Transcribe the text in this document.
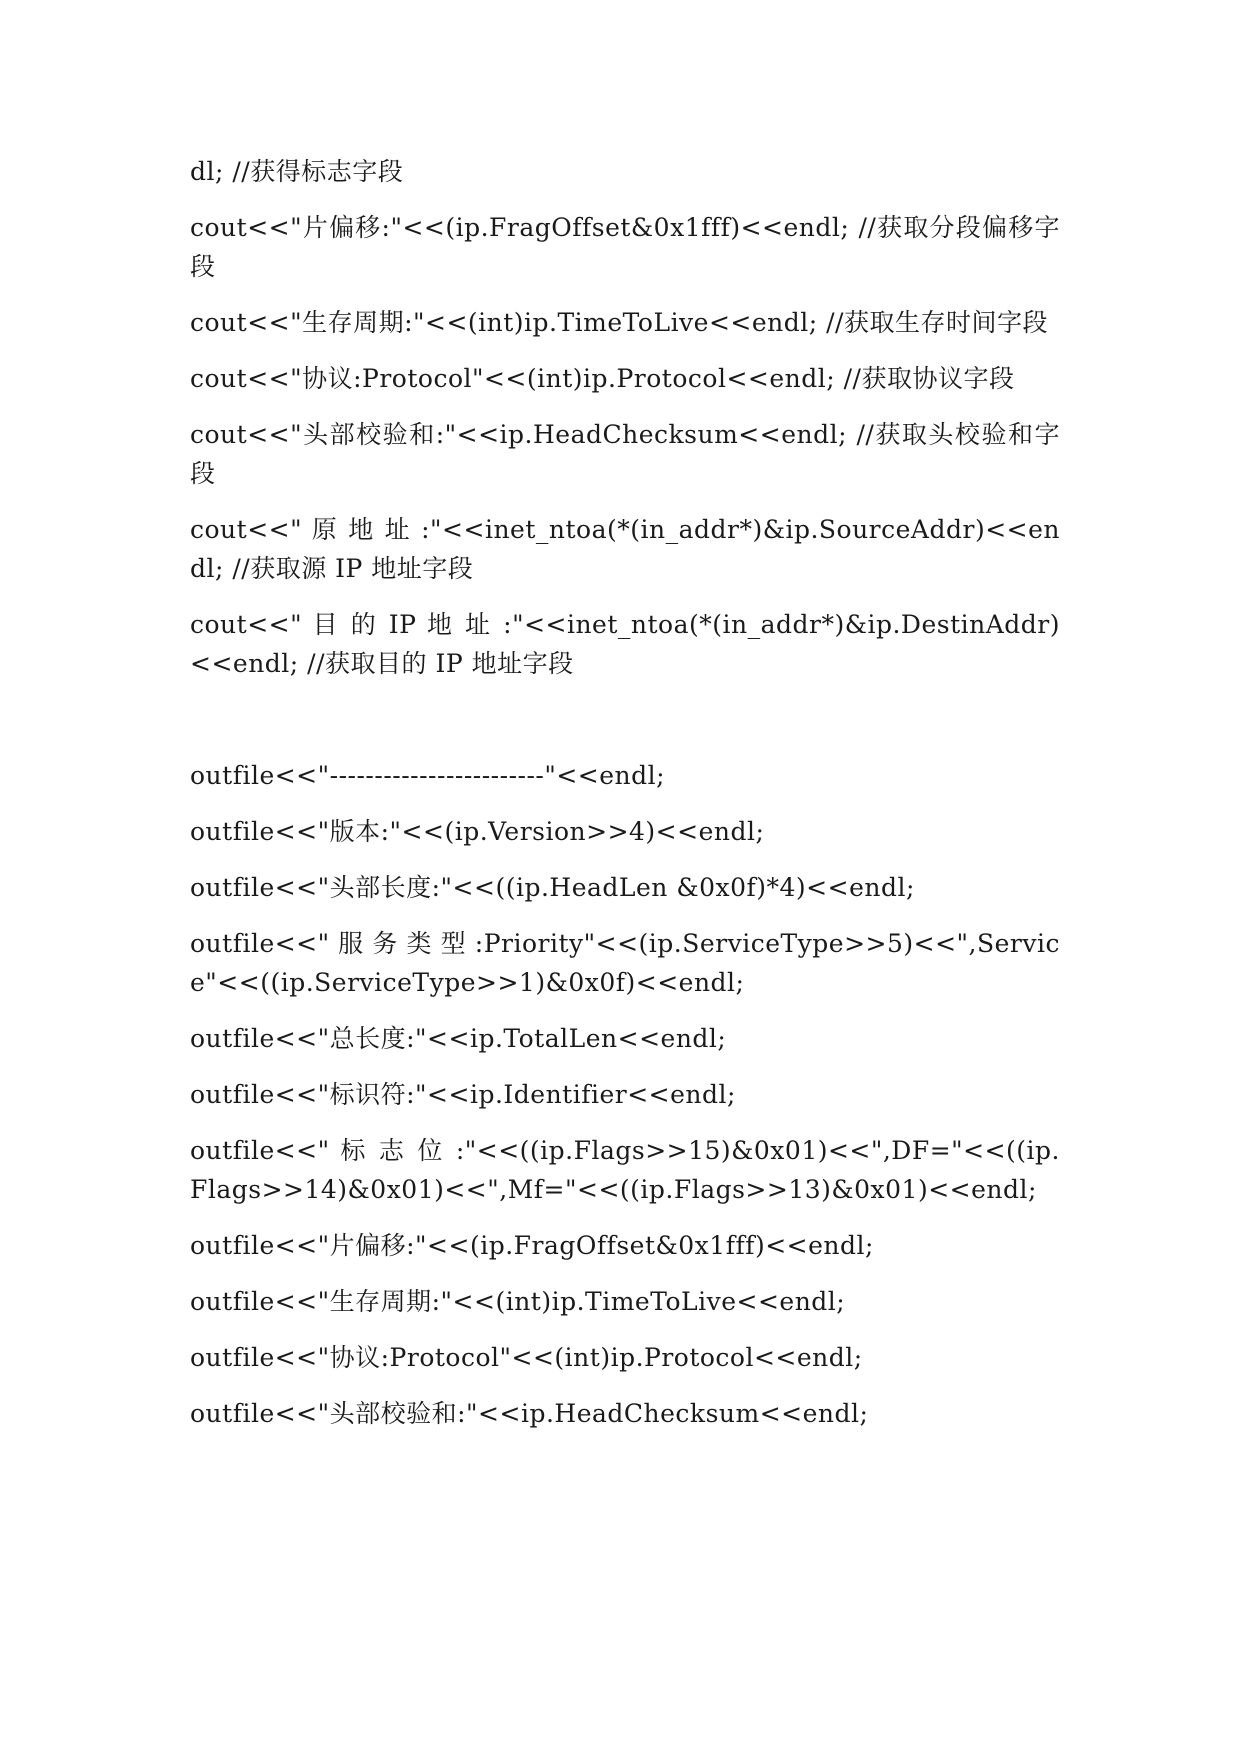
dl; //获得标志字段

cout<<"片偏移:"<<(ip.FragOffset&0x1fff)<<endl; //获取分段偏移字段

cout<<"生存周期:"<<(int)ip.TimeToLive<<endl; //获取生存时间字段

cout<<"协议:Protocol"<<(int)ip.Protocol<<endl; //获取协议字段

cout<<"头部校验和:"<<ip.HeadChecksum<<endl; //获取头校验和字段

cout<<" 原 地 址 :"<<inet_ntoa(*(in_addr*)&ip.SourceAddr)<<endl; //获取源 IP 地址字段

cout<<" 目 的 IP 地 址 :"<<inet_ntoa(*(in_addr*)&ip.DestinAddr)<<endl; //获取目的 IP 地址字段

outfile<<"------------------------"<<endl;

outfile<<"版本:"<<(ip.Version>>4)<<endl;

outfile<<"头部长度:"<<((ip.HeadLen &0x0f)*4)<<endl;

outfile<<" 服 务 类 型 :Priority"<<(ip.ServiceType>>5)<<",Service"<<((ip.ServiceType>>1)&0x0f)<<endl;

outfile<<"总长度:"<<ip.TotalLen<<endl;

outfile<<"标识符:"<<ip.Identifier<<endl;

outfile<<" 标 志 位 :"<<((ip.Flags>>15)&0x01)<<",DF="<<((ip.Flags>>14)&0x01)<<",Mf="<<((ip.Flags>>13)&0x01)<<endl;

outfile<<"片偏移:"<<(ip.FragOffset&0x1fff)<<endl;

outfile<<"生存周期:"<<(int)ip.TimeToLive<<endl;

outfile<<"协议:Protocol"<<(int)ip.Protocol<<endl;

outfile<<"头部校验和:"<<ip.HeadChecksum<<endl;
